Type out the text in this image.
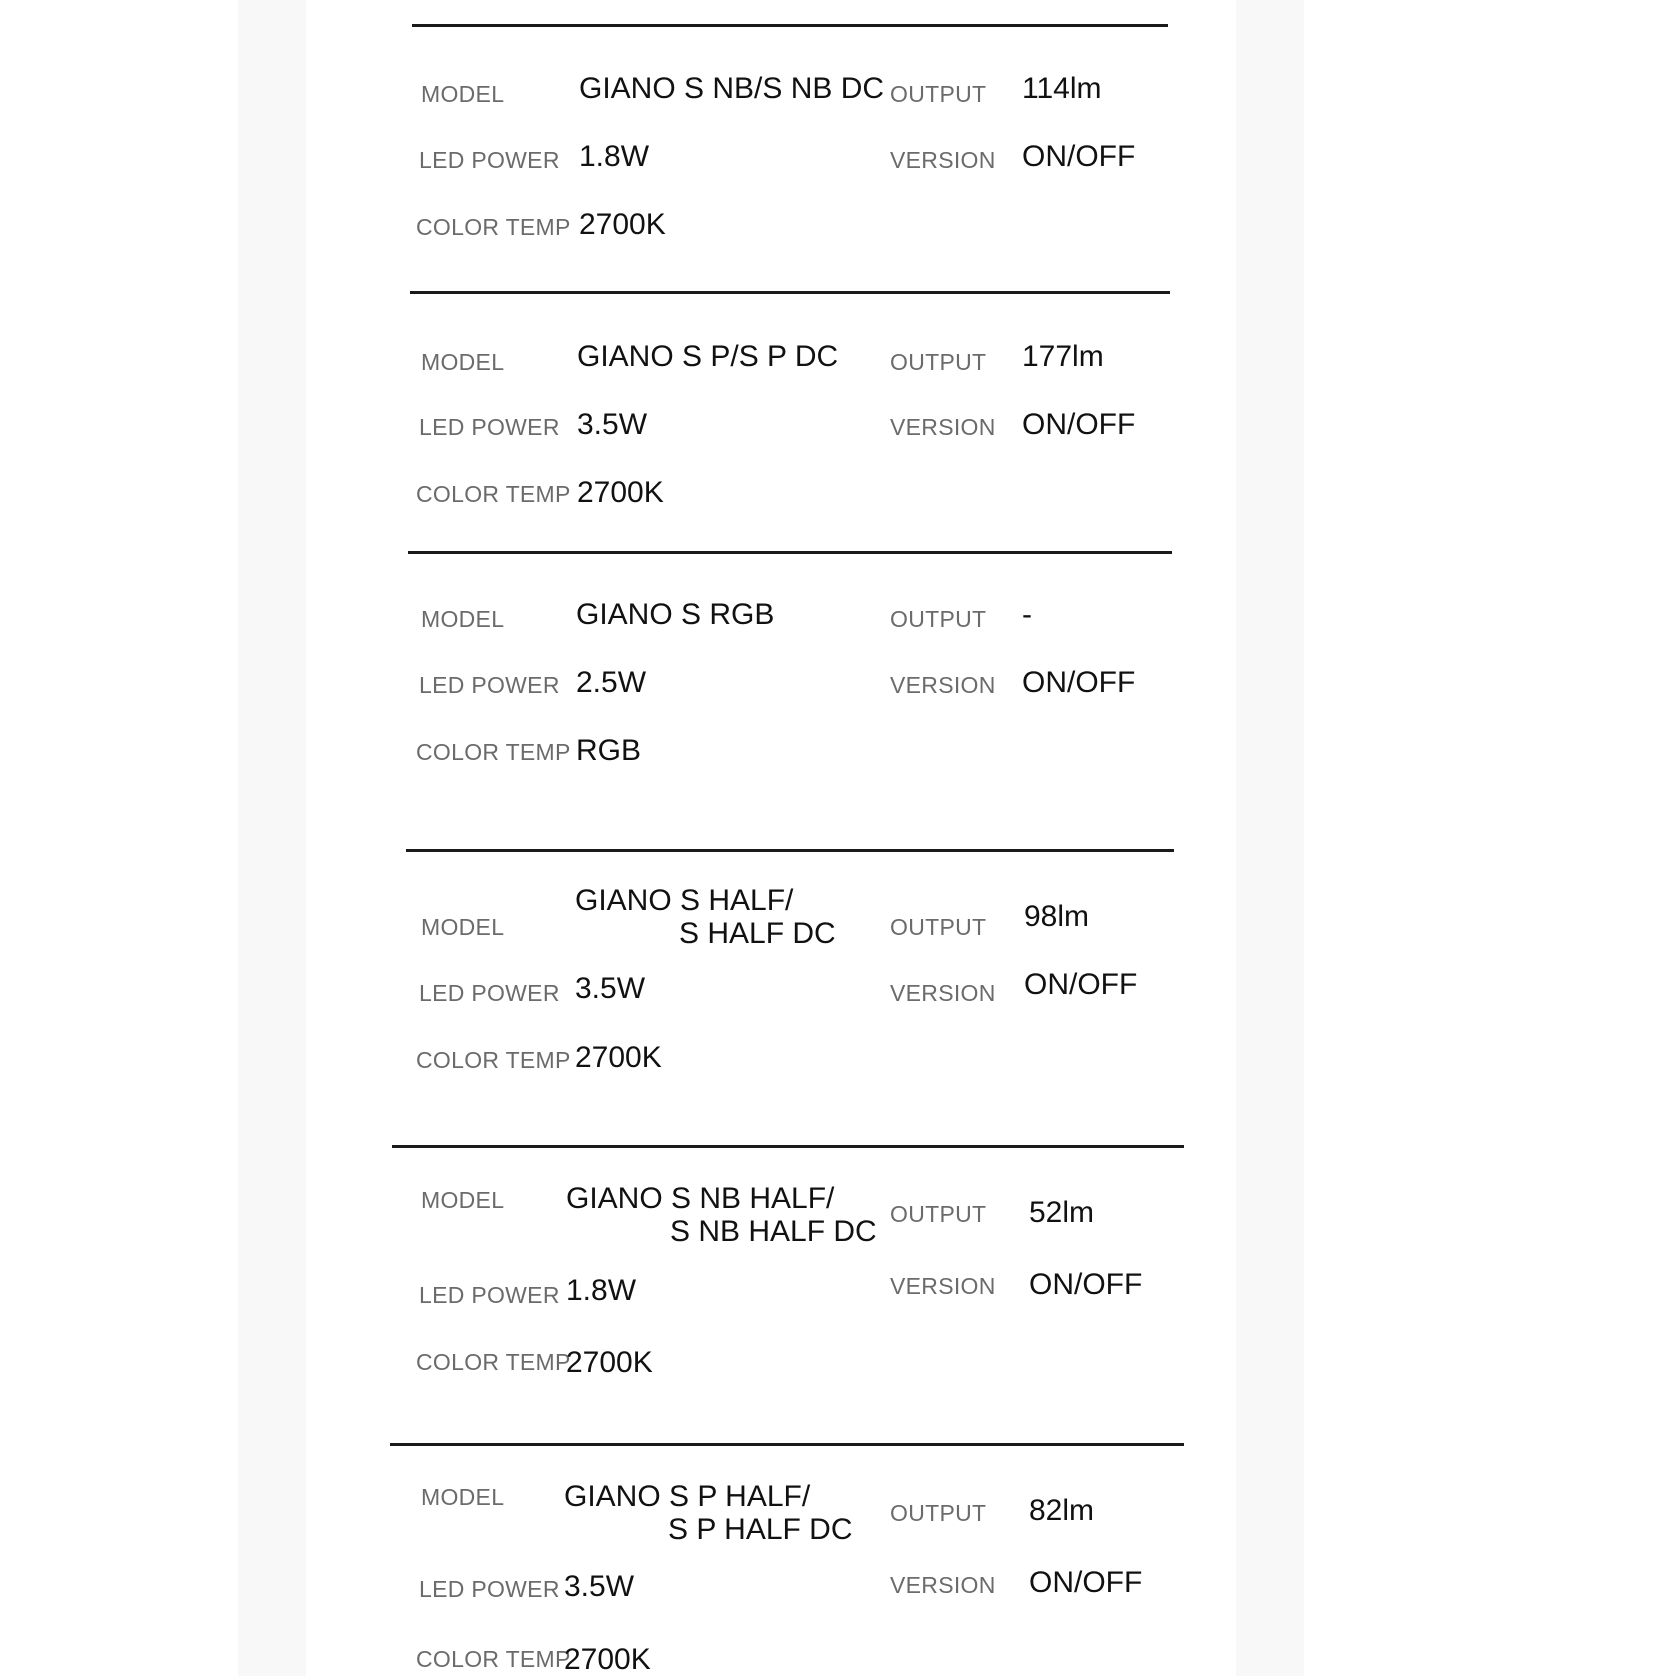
MODEL GIANO S NB/S NB DC
LED POWER 1.8W
COLOR TEMP 2700K
OUTPUT 114lm
VERSION ON/OFF
MODEL GIANO S P/S P DC
LED POWER 3.5W
COLOR TEMP 2700K
OUTPUT 177lm
VERSION ON/OFF
MODEL GIANO S RGB
LED POWER 2.5W
COLOR TEMP RGB
OUTPUT -
VERSION ON/OFF
MODEL
GIANO S HALF/
S HALF DC
LED POWER 3.5W
COLOR TEMP 2700K
OUTPUT 98lm
VERSION ON/OFF
MODEL GIANO S NB HALF/
S NB HALF DC
LED POWER 1.8W
COLOR TEMP
2700K
OUTPUT 52lm
VERSION ON/OFF
MODEL GIANO S P HALF/
S P HALF DC
LED POWER 3.5W
COLOR TEMP
2700K
OUTPUT 82lm
VERSION ON/OFF
